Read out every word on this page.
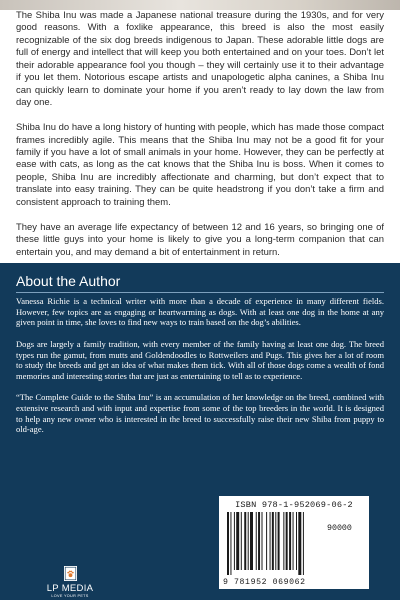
The Shiba Inu was made a Japanese national treasure during the 1930s, and for very good reasons. With a foxlike appearance, this breed is also the most easily recognizable of the six dog breeds indigenous to Japan. These adorable little dogs are full of energy and intellect that will keep you both entertained and on your toes. Don’t let their adorable appearance fool you though – they will certainly use it to their advantage if you let them. Notorious escape artists and unapologetic alpha canines, a Shiba Inu can quickly learn to dominate your home if you aren’t ready to lay down the law from day one.

Shiba Inu do have a long history of hunting with people, which has made those compact frames incredibly agile. This means that the Shiba Inu may not be a good fit for your family if you have a lot of small animals in your home. However, they can be perfectly at ease with cats, as long as the cat knows that the Shiba Inu is boss. When it comes to people, Shiba Inu are incredibly affectionate and charming, but don’t expect that to translate into easy training. They can be quite headstrong if you don’t take a firm and consistent approach to training them.

They have an average life expectancy of between 12 and 16 years, so bringing one of these little guys into your home is likely to give you a long-term companion that can entertain you, and may demand a bit of entertainment in return.

About the Author

Vanessa Richie is a technical writer with more than a decade of experience in many different fields. However, few topics are as engaging or heartwarming as dogs. With at least one dog in the home at any given point in time, she loves to find new ways to train based on the dog’s abilities.

Dogs are largely a family tradition, with every member of the family having at least one dog. The breed types run the gamut, from mutts and Goldendoodles to Rottweilers and Pugs. This gives her a lot of room to study the breeds and get an idea of what makes them tick. With all of those dogs come a wealth of fond memories and interesting stories that are just as entertaining to tell as to experience.

“The Complete Guide to the Shiba Inu” is an accumulation of her knowledge on the breed, combined with extensive research and with input and expertise from some of the top breeders in the world. It is designed to help any new owner who is interested in the breed to successfully raise their new Shiba from puppy to old-age.

LP MEDIA
LOVE YOUR PETS
ISBN 978-1-952069-06-2
90000
9 781952 069062
